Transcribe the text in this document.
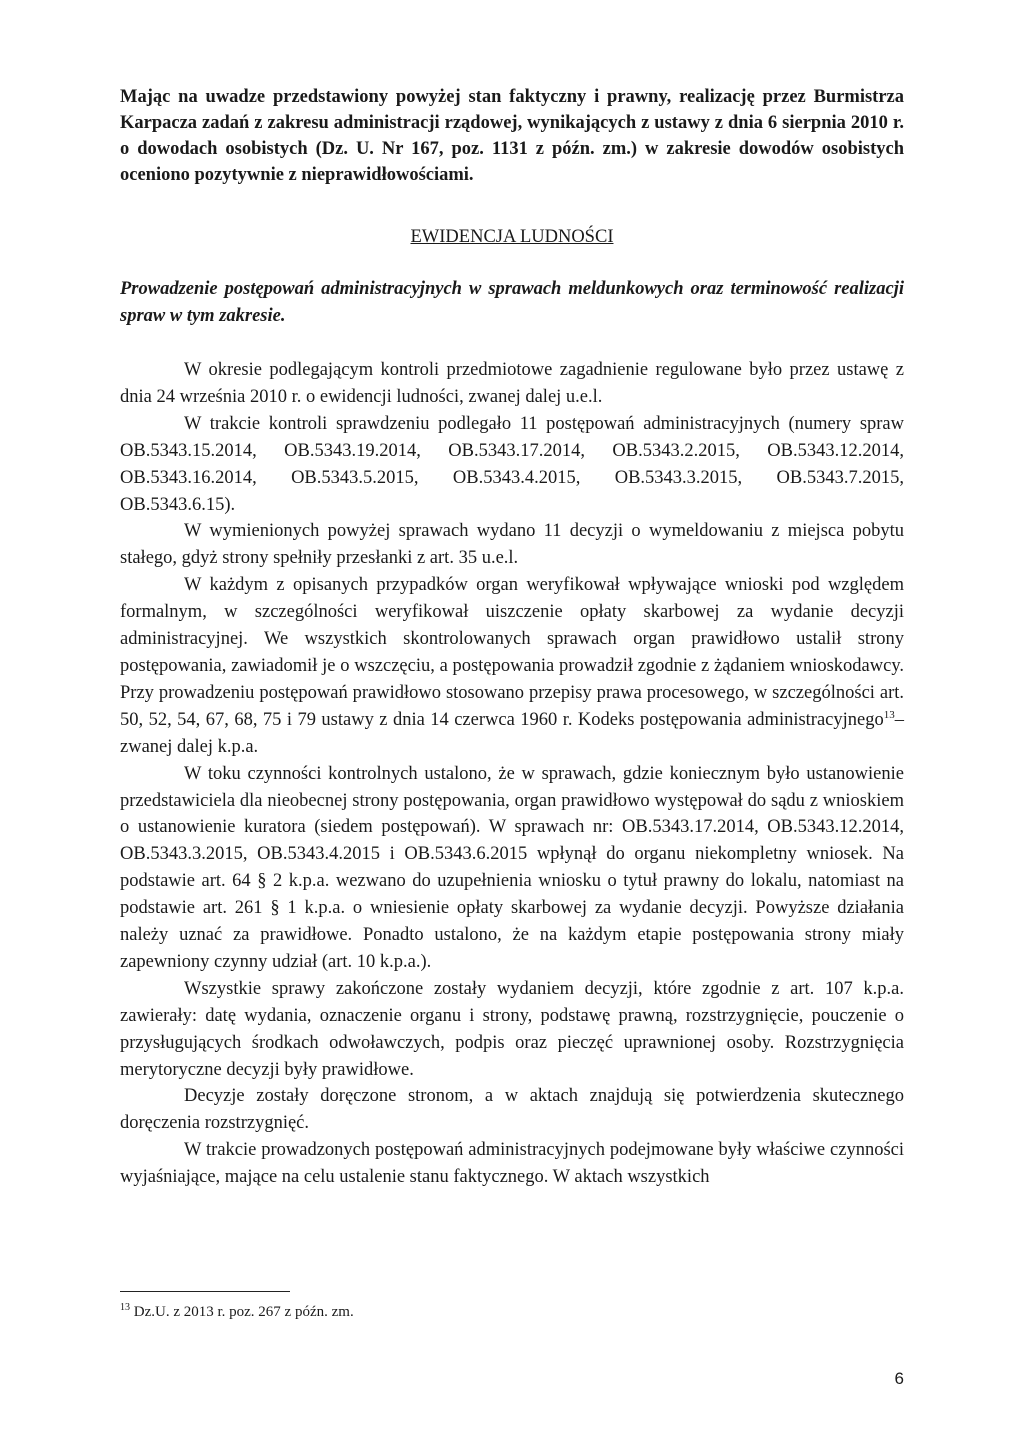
Mając na uwadze przedstawiony powyżej stan faktyczny i prawny, realizację przez Burmistrza Karpacza zadań z zakresu administracji rządowej, wynikających z ustawy z dnia 6 sierpnia 2010 r. o dowodach osobistych (Dz. U. Nr 167, poz. 1131 z późn. zm.) w zakresie dowodów osobistych oceniono pozytywnie z nieprawidłowościami.

EWIDENCJA LUDNOŚCI

Prowadzenie postępowań administracyjnych w sprawach meldunkowych oraz terminowość realizacji spraw w tym zakresie.

W okresie podlegającym kontroli przedmiotowe zagadnienie regulowane było przez ustawę z dnia 24 września 2010 r. o ewidencji ludności, zwanej dalej u.e.l.

W trakcie kontroli sprawdzeniu podlegało 11 postępowań administracyjnych (numery spraw OB.5343.15.2014, OB.5343.19.2014, OB.5343.17.2014, OB.5343.2.2015, OB.5343.12.2014, OB.5343.16.2014, OB.5343.5.2015, OB.5343.4.2015, OB.5343.3.2015, OB.5343.7.2015, OB.5343.6.15).

W wymienionych powyżej sprawach wydano 11 decyzji o wymeldowaniu z miejsca pobytu stałego, gdyż strony spełniły przesłanki z art. 35 u.e.l.

W każdym z opisanych przypadków organ weryfikował wpływające wnioski pod względem formalnym, w szczególności weryfikował uiszczenie opłaty skarbowej za wydanie decyzji administracyjnej. We wszystkich skontrolowanych sprawach organ prawidłowo ustalił strony postępowania, zawiadomił je o wszczęciu, a postępowania prowadził zgodnie z żądaniem wnioskodawcy. Przy prowadzeniu postępowań prawidłowo stosowano przepisy prawa procesowego, w szczególności art. 50, 52, 54, 67, 68, 75 i 79 ustawy z dnia 14 czerwca 1960 r. Kodeks postępowania administracyjnego$^{13}$– zwanej dalej k.p.a.

W toku czynności kontrolnych ustalono, że w sprawach, gdzie koniecznym było ustanowienie przedstawiciela dla nieobecnej strony postępowania, organ prawidłowo występował do sądu z wnioskiem o ustanowienie kuratora (siedem postępowań). W sprawach nr: OB.5343.17.2014, OB.5343.12.2014, OB.5343.3.2015, OB.5343.4.2015 i OB.5343.6.2015 wpłynął do organu niekompletny wniosek. Na podstawie art. 64 § 2 k.p.a. wezwano do uzupełnienia wniosku o tytuł prawny do lokalu, natomiast na podstawie art. 261 § 1 k.p.a. o wniesienie opłaty skarbowej za wydanie decyzji. Powyższe działania należy uznać za prawidłowe. Ponadto ustalono, że na każdym etapie postępowania strony miały zapewniony czynny udział (art. 10 k.p.a.).

Wszystkie sprawy zakończone zostały wydaniem decyzji, które zgodnie z art. 107 k.p.a. zawierały: datę wydania, oznaczenie organu i strony, podstawę prawną, rozstrzygnięcie, pouczenie o przysługujących środkach odwoławczych, podpis oraz pieczęć uprawnionej osoby. Rozstrzygnięcia merytoryczne decyzji były prawidłowe.

Decyzje zostały doręczone stronom, a w aktach znajdują się potwierdzenia skutecznego doręczenia rozstrzygnięć.

W trakcie prowadzonych postępowań administracyjnych podejmowane były właściwe czynności wyjaśniające, mające na celu ustalenie stanu faktycznego. W aktach wszystkich

$^{13}$ Dz.U. z 2013 r. poz. 267 z późn. zm.
6
